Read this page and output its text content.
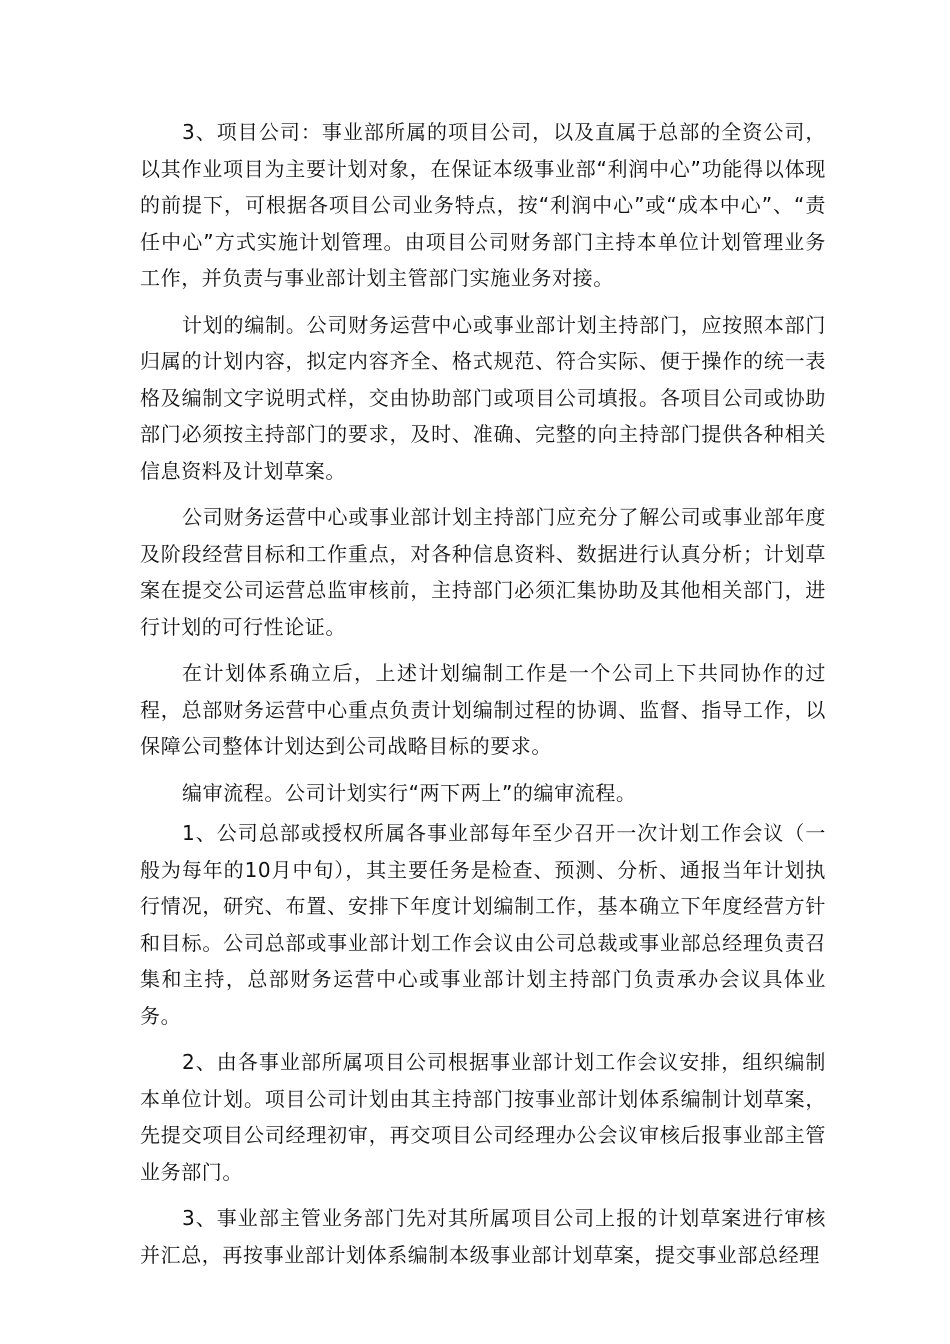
3、项目公司：事业部所属的项目公司，以及直属于总部的全资公司，以其作业项目为主要计划对象，在保证本级事业部“利润中心”功能得以体现的前提下，可根据各项目公司业务特点，按“利润中心”或“成本中心”、“责任中心”方式实施计划管理。由项目公司财务部门主持本单位计划管理业务工作，并负责与事业部计划主管部门实施业务对接。

计划的编制。公司财务运营中心或事业部计划主持部门，应按照本部门归属的计划内容，拟定内容齐全、格式规范、符合实际、便于操作的统一表格及编制文字说明式样，交由协助部门或项目公司填报。各项目公司或协助部门必须按主持部门的要求，及时、准确、完整的向主持部门提供各种相关信息资料及计划草案。

公司财务运营中心或事业部计划主持部门应充分了解公司或事业部年度及阶段经营目标和工作重点，对各种信息资料、数据进行认真分析；计划草案在提交公司运营总监审核前，主持部门必须汇集协助及其他相关部门，进行计划的可行性论证。

在计划体系确立后，上述计划编制工作是一个公司上下共同协作的过程，总部财务运营中心重点负责计划编制过程的协调、监督、指导工作，以保障公司整体计划达到公司战略目标的要求。

编审流程。公司计划实行“两下两上”的编审流程。

1、公司总部或授权所属各事业部每年至少召开一次计划工作会议（一般为每年的10月中旬），其主要任务是检查、预测、分析、通报当年计划执行情况，研究、布置、安排下年度计划编制工作，基本确立下年度经营方针和目标。公司总部或事业部计划工作会议由公司总裁或事业部总经理负责召集和主持，总部财务运营中心或事业部计划主持部门负责承办会议具体业务。

2、由各事业部所属项目公司根据事业部计划工作会议安排，组织编制本单位计划。项目公司计划由其主持部门按事业部计划体系编制计划草案，先提交项目公司经理初审，再交项目公司经理办公会议审核后报事业部主管业务部门。

3、事业部主管业务部门先对其所属项目公司上报的计划草案进行审核并汇总，再按事业部计划体系编制本级事业部计划草案，提交事业部总经理
